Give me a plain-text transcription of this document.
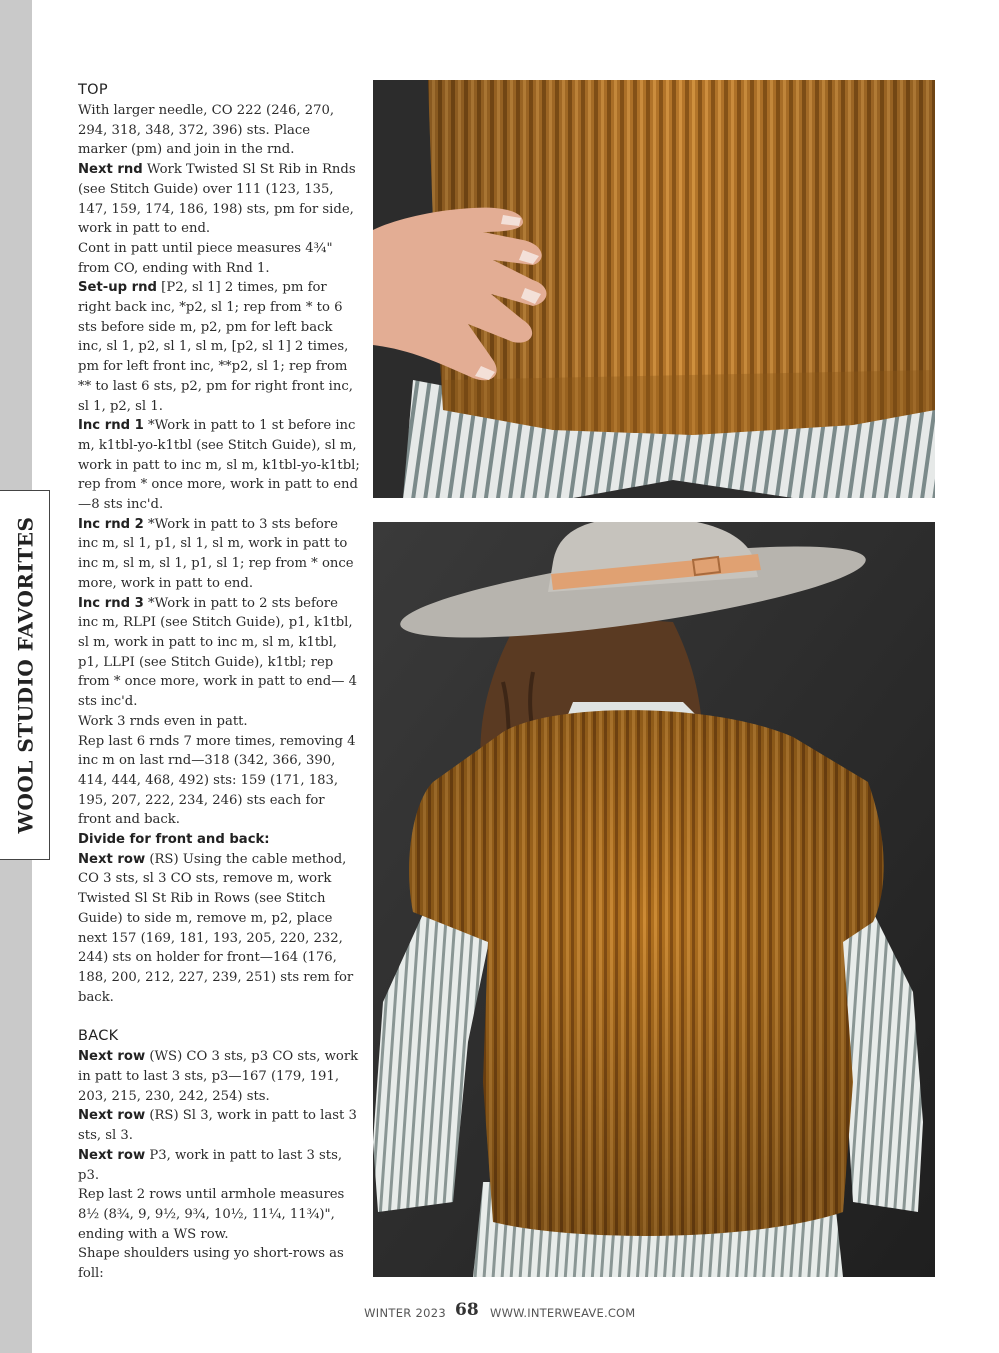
WOOL STUDIO FAVORITES

TOP

With larger needle, CO 222 (246, 270, 294, 318, 348, 372, 396) sts. Place marker (pm) and join in the rnd.

Next rnd Work Twisted Sl St Rib in Rnds (see Stitch Guide) over 111 (123, 135, 147, 159, 174, 186, 198) sts, pm for side, work in patt to end.

Cont in patt until piece measures 4¾" from CO, ending with Rnd 1.

Set-up rnd [P2, sl 1] 2 times, pm for right back inc, *p2, sl 1; rep from * to 6 sts before side m, p2, pm for left back inc, sl 1, p2, sl 1, sl m, [p2, sl 1] 2 times, pm for left front inc, **p2, sl 1; rep from ** to last 6 sts, p2, pm for right front inc, sl 1, p2, sl 1.

Inc rnd 1 *Work in patt to 1 st before inc m, k1tbl-yo-k1tbl (see Stitch Guide), sl m, work in patt to inc m, sl m, k1tbl-yo-k1tbl; rep from * once more, work in patt to end—8 sts inc'd.

Inc rnd 2 *Work in patt to 3 sts before inc m, sl 1, p1, sl 1, sl m, work in patt to inc m, sl m, sl 1, p1, sl 1; rep from * once more, work in patt to end.

Inc rnd 3 *Work in patt to 2 sts before inc m, RLPI (see Stitch Guide), p1, k1tbl, sl m, work in patt to inc m, sl m, k1tbl, p1, LLPI (see Stitch Guide), k1tbl; rep from * once more, work in patt to end— 4 sts inc'd.

Work 3 rnds even in patt.

Rep last 6 rnds 7 more times, removing 4 inc m on last rnd—318 (342, 366, 390, 414, 444, 468, 492) sts: 159 (171, 183, 195, 207, 222, 234, 246) sts each for front and back.

Divide for front and back:

Next row (RS) Using the cable method, CO 3 sts, sl 3 CO sts, remove m, work Twisted Sl St Rib in Rows (see Stitch Guide) to side m, remove m, p2, place next 157 (169, 181, 193, 205, 220, 232, 244) sts on holder for front—164 (176, 188, 200, 212, 227, 239, 251) sts rem for back.

BACK

Next row (WS) CO 3 sts, p3 CO sts, work in patt to last 3 sts, p3—167 (179, 191, 203, 215, 230, 242, 254) sts.

Next row (RS) Sl 3, work in patt to last 3 sts, sl 3.

Next row P3, work in patt to last 3 sts, p3.

Rep last 2 rows until armhole measures 8½ (8¾, 9, 9½, 9¾, 10½, 11¼, 11¾)", ending with a WS row.

Shape shoulders using yo short-rows as foll:

WINTER 2023 68 WWW.INTERWEAVE.COM
